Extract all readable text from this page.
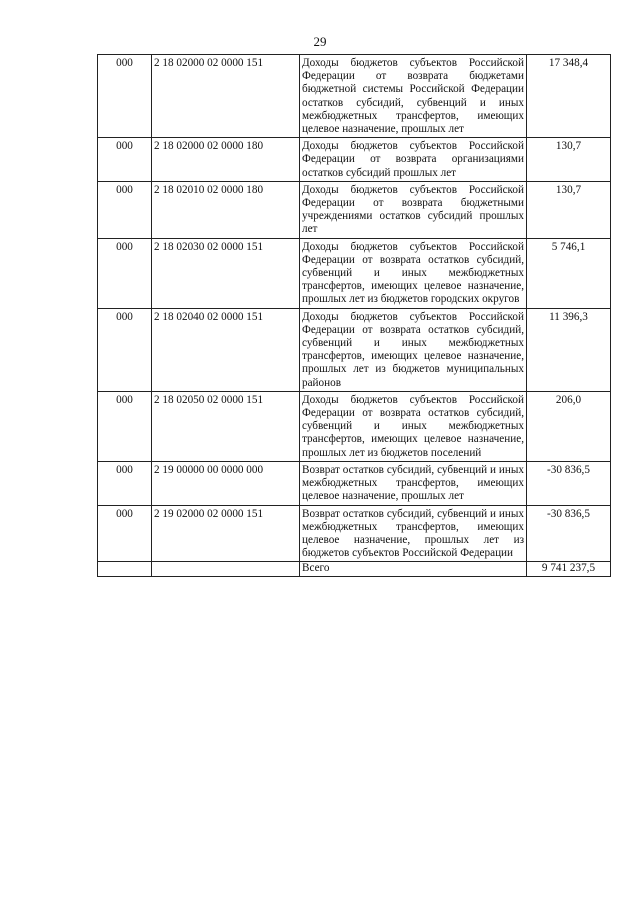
29
000	2 18 02000 02 0000 151	Доходы бюджетов субъектов Российской Федерации от возврата бюджетами бюджетной системы Российской Федерации остатков субсидий, субвенций и иных межбюджетных трансфертов, имеющих целевое назначение, прошлых лет	17 348,4
000	2 18 02000 02 0000 180	Доходы бюджетов субъектов Российской Федерации от возврата организациями остатков субсидий прошлых лет	130,7
000	2 18 02010 02 0000 180	Доходы бюджетов субъектов Российской Федерации от возврата бюджетными учреждениями остатков субсидий прошлых лет	130,7
000	2 18 02030 02 0000 151	Доходы бюджетов субъектов Российской Федерации от возврата остатков субсидий, субвенций и иных межбюджетных трансфертов, имеющих целевое назначение, прошлых лет из бюджетов городских округов	5 746,1
000	2 18 02040 02 0000 151	Доходы бюджетов субъектов Российской Федерации от возврата остатков субсидий, субвенций и иных межбюджетных трансфертов, имеющих целевое назначение, прошлых лет из бюджетов муниципальных районов	11 396,3
000	2 18 02050 02 0000 151	Доходы бюджетов субъектов Российской Федерации от возврата остатков субсидий, субвенций и иных межбюджетных трансфертов, имеющих целевое назначение, прошлых лет из бюджетов поселений	206,0
000	2 19 00000 00 0000 000	Возврат остатков субсидий, субвенций и иных межбюджетных трансфертов, имеющих целевое назначение, прошлых лет	-30 836,5
000	2 19 02000 02 0000 151	Возврат остатков субсидий, субвенций и иных межбюджетных трансфертов, имеющих целевое назначение, прошлых лет из бюджетов субъектов Российской Федерации	-30 836,5
		Всего	9 741 237,5
